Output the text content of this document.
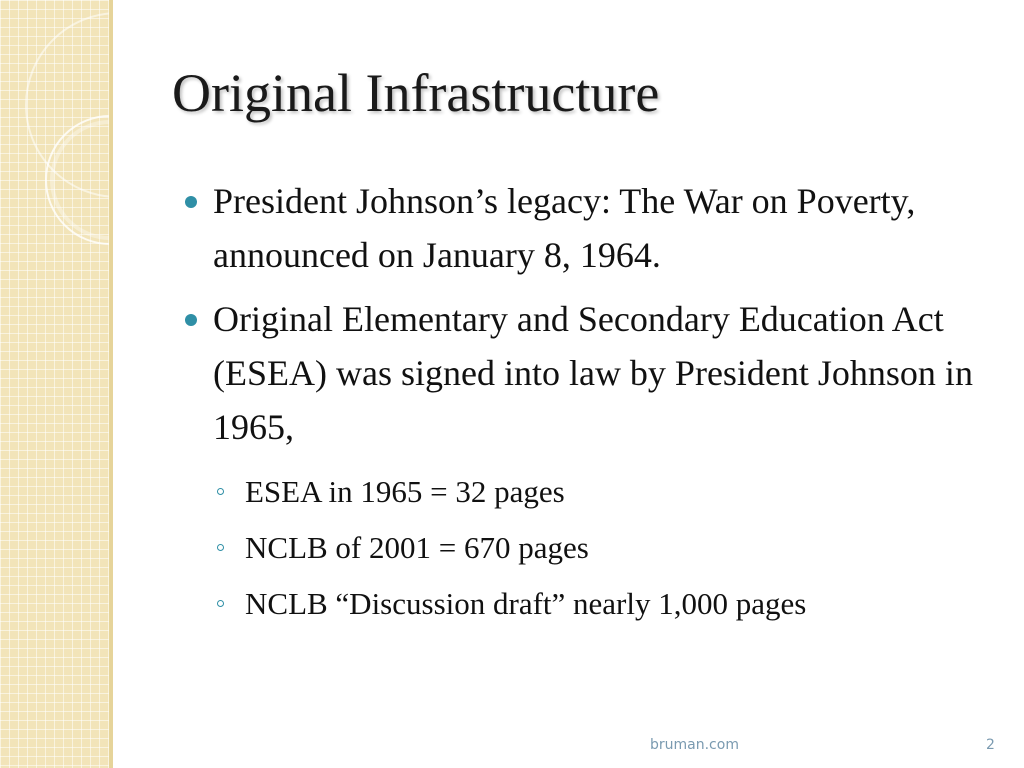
Original Infrastructure
President Johnson’s legacy: The War on Poverty, announced on January 8, 1964.
Original Elementary and Secondary Education Act (ESEA) was signed into law by President Johnson in 1965,
ESEA in 1965 = 32 pages
NCLB of 2001 = 670 pages
NCLB “Discussion draft” nearly 1,000 pages
bruman.com	2
